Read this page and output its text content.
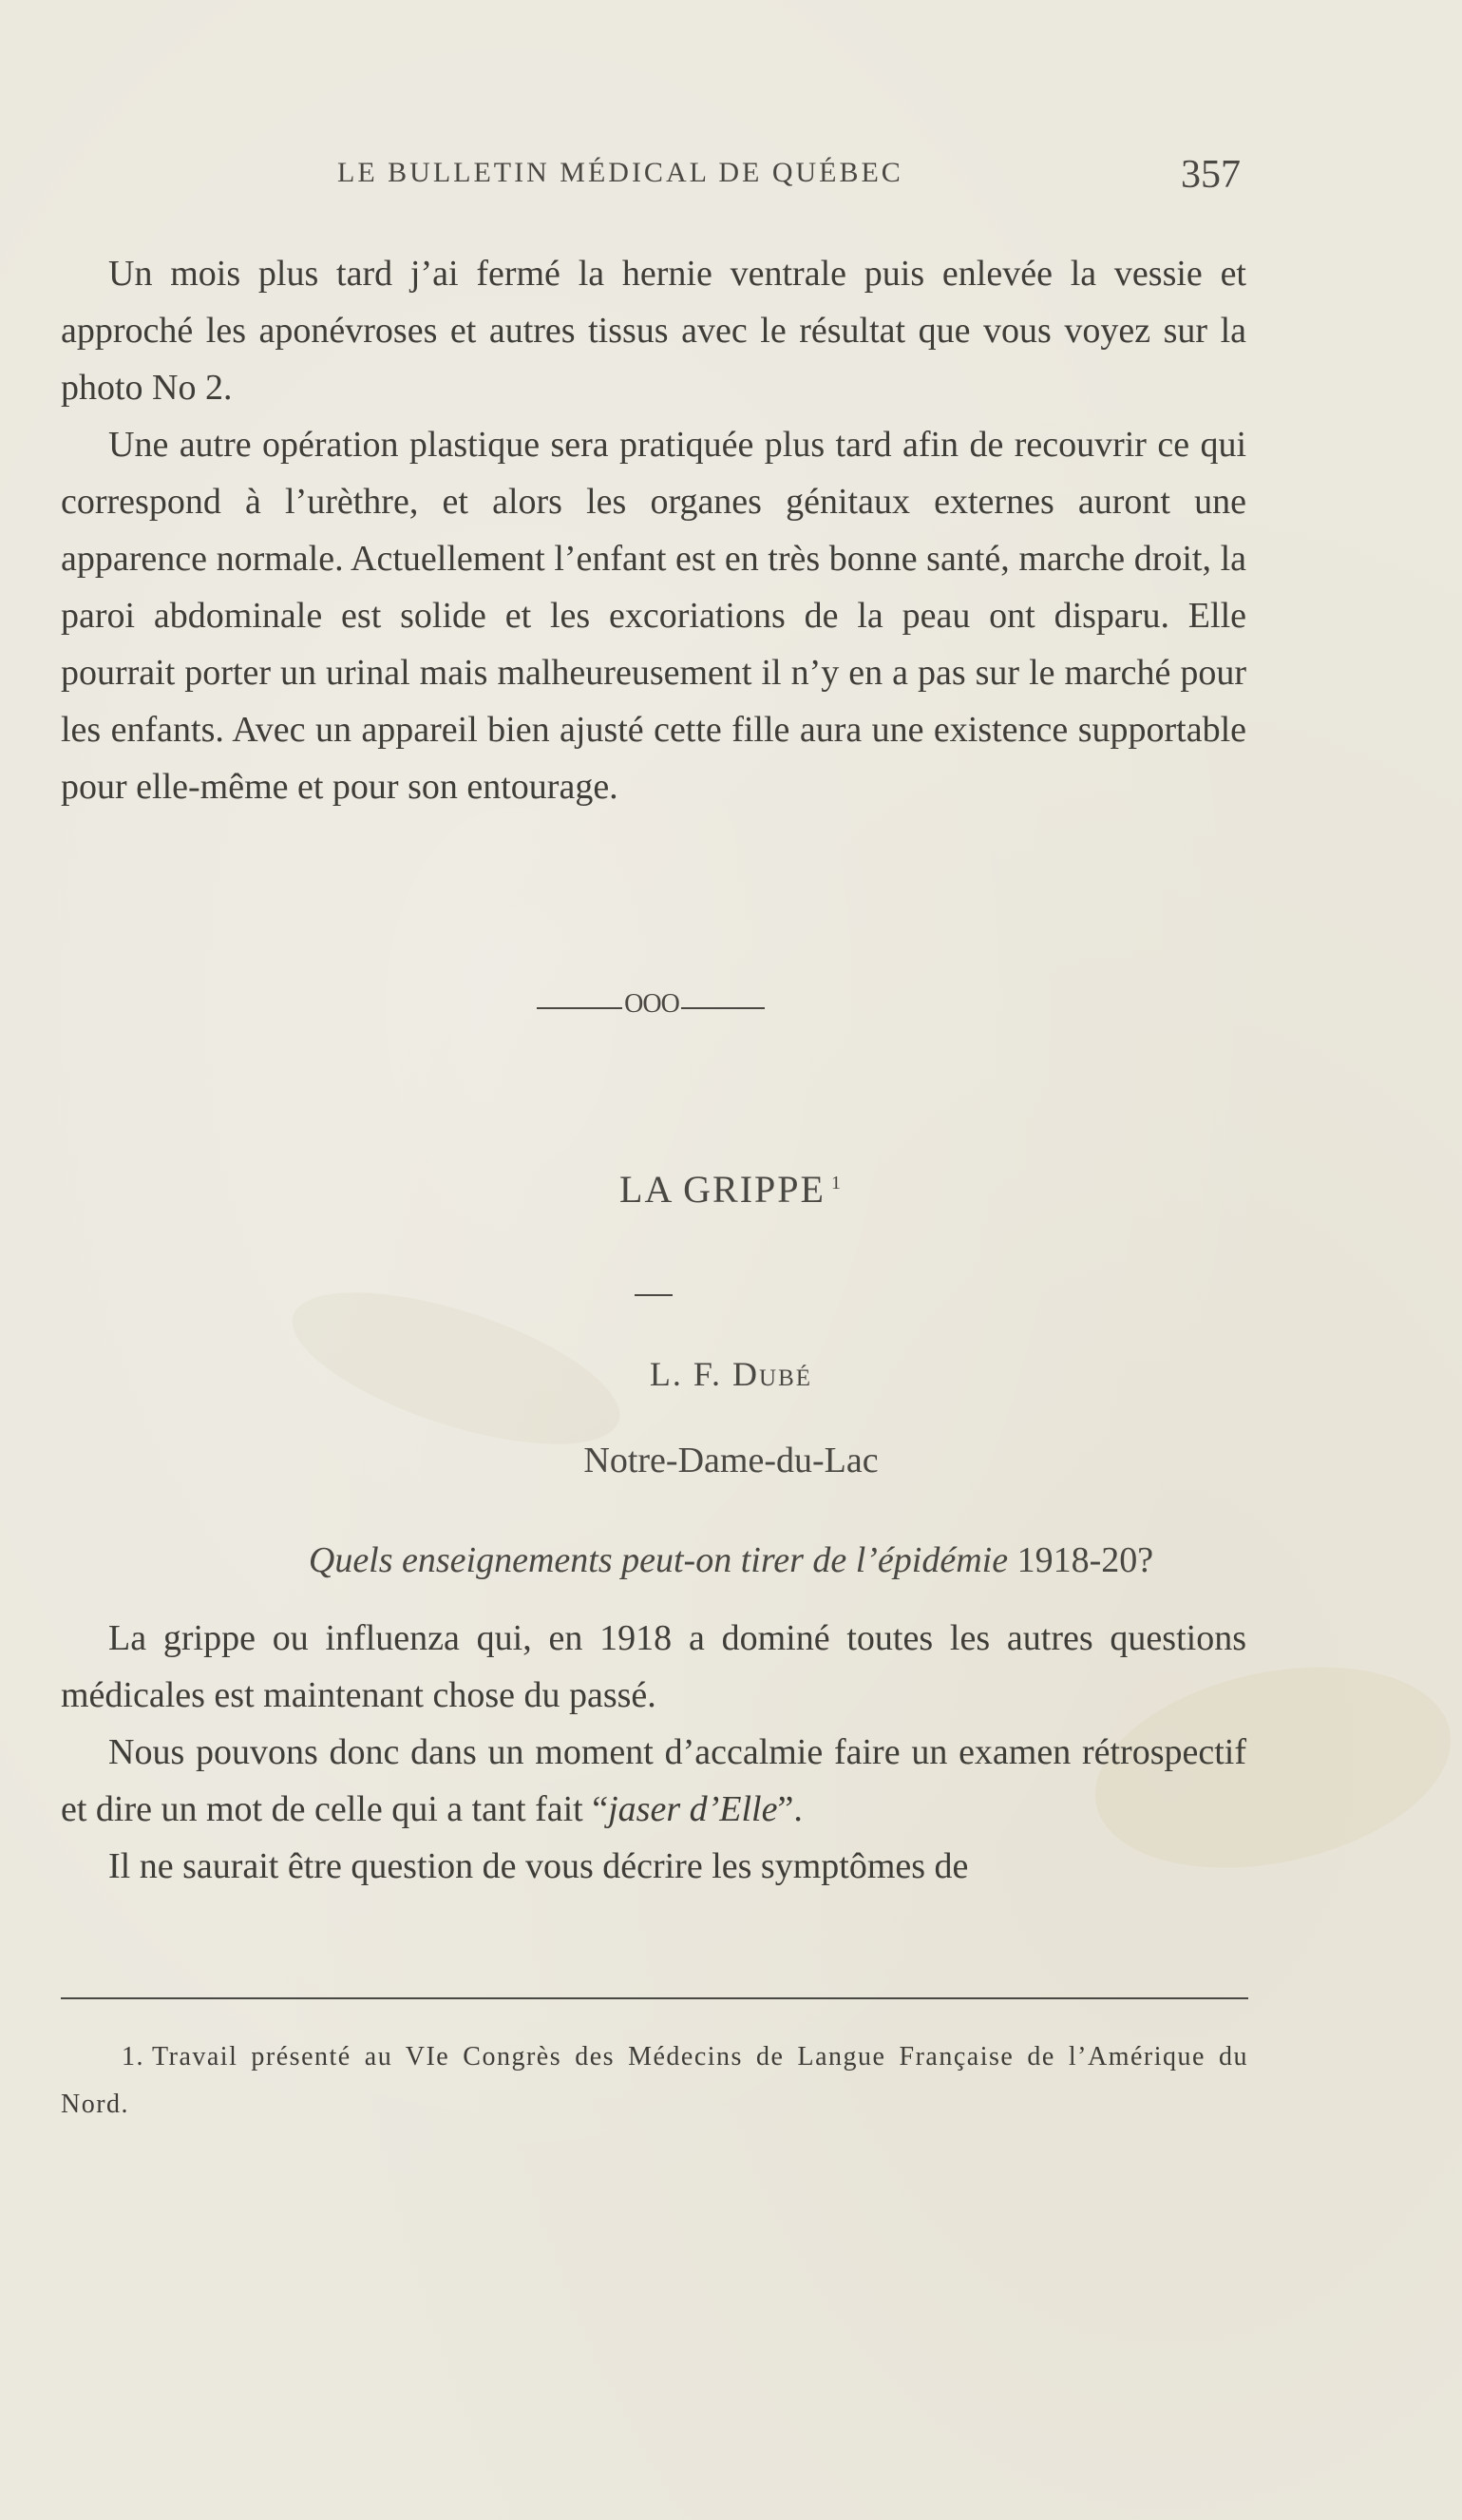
LE BULLETIN MÉDICAL DE QUÉBEC	357

Un mois plus tard j’ai fermé la hernie ventrale puis enlevée la vessie et approché les aponévroses et autres tissus avec le résultat que vous voyez sur la photo No 2.

Une autre opération plastique sera pratiquée plus tard afin de recouvrir ce qui correspond à l’urèthre, et alors les organes génitaux externes auront une apparence normale. Actuellement l’enfant est en très bonne santé, marche droit, la paroi abdominale est solide et les excoriations de la peau ont disparu. Elle pourrait porter un urinal mais malheureusement il n’y en a pas sur le marché pour les enfants. Avec un appareil bien ajusté cette fille aura une existence supportable pour elle-même et pour son entourage.

OOO
LA GRIPPE $^1$
L. F. Dubé
Notre-Dame-du-Lac
Quels enseignements peut-on tirer de l’épidémie 1918-20?

La grippe ou influenza qui, en 1918 a dominé toutes les autres questions médicales est maintenant chose du passé.

Nous pouvons donc dans un moment d’accalmie faire un examen rétrospectif et dire un mot de celle qui a tant fait “jaser d’Elle”.

Il ne saurait être question de vous décrire les symptômes de

1. Travail présenté au VIe Congrès des Médecins de Langue Française de l’Amérique du Nord.
